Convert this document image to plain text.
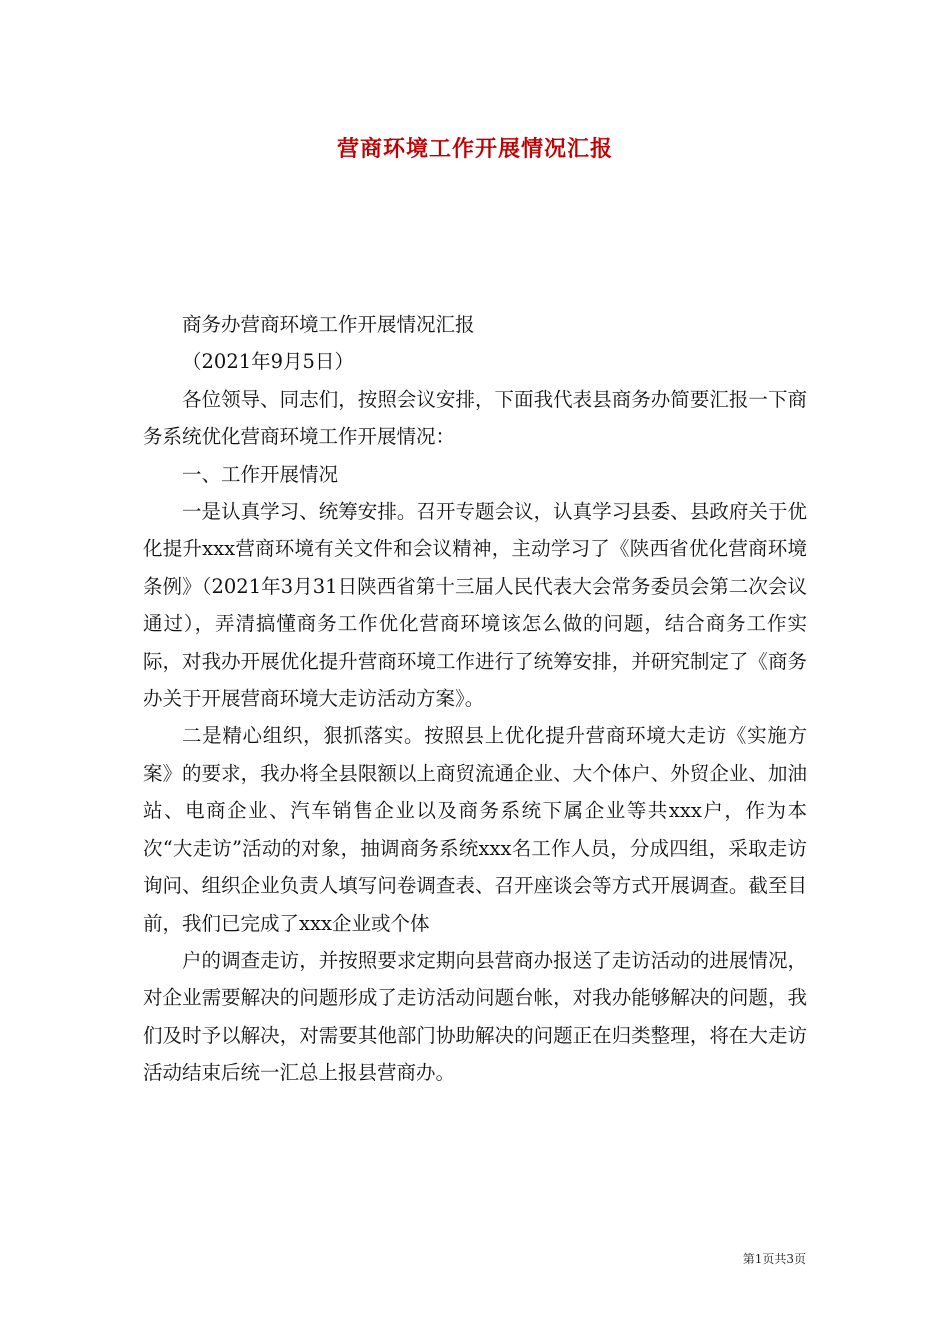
营商环境工作开展情况汇报

商务办营商环境工作开展情况汇报

（2021年9月5日）

各位领导、同志们，按照会议安排，下面我代表县商务办简要汇报一下商务系统优化营商环境工作开展情况：

一、工作开展情况

一是认真学习、统筹安排。召开专题会议，认真学习县委、县政府关于优化提升xxx营商环境有关文件和会议精神，主动学习了《陕西省优化营商环境条例》（2021年3月31日陕西省第十三届人民代表大会常务委员会第二次会议通过），弄清搞懂商务工作优化营商环境该怎么做的问题，结合商务工作实际，对我办开展优化提升营商环境工作进行了统筹安排，并研究制定了《商务办关于开展营商环境大走访活动方案》。

二是精心组织，狠抓落实。按照县上优化提升营商环境大走访《实施方案》的要求，我办将全县限额以上商贸流通企业、大个体户、外贸企业、加油站、电商企业、汽车销售企业以及商务系统下属企业等共xxx户，作为本次“大走访”活动的对象，抽调商务系统xxx名工作人员，分成四组，采取走访询问、组织企业负责人填写问卷调查表、召开座谈会等方式开展调查。截至目前，我们已完成了xxx企业或个体

户的调查走访，并按照要求定期向县营商办报送了走访活动的进展情况，对企业需要解决的问题形成了走访活动问题台帐，对我办能够解决的问题，我们及时予以解决，对需要其他部门协助解决的问题正在归类整理，将在大走访活动结束后统一汇总上报县营商办。

第1页共3页
